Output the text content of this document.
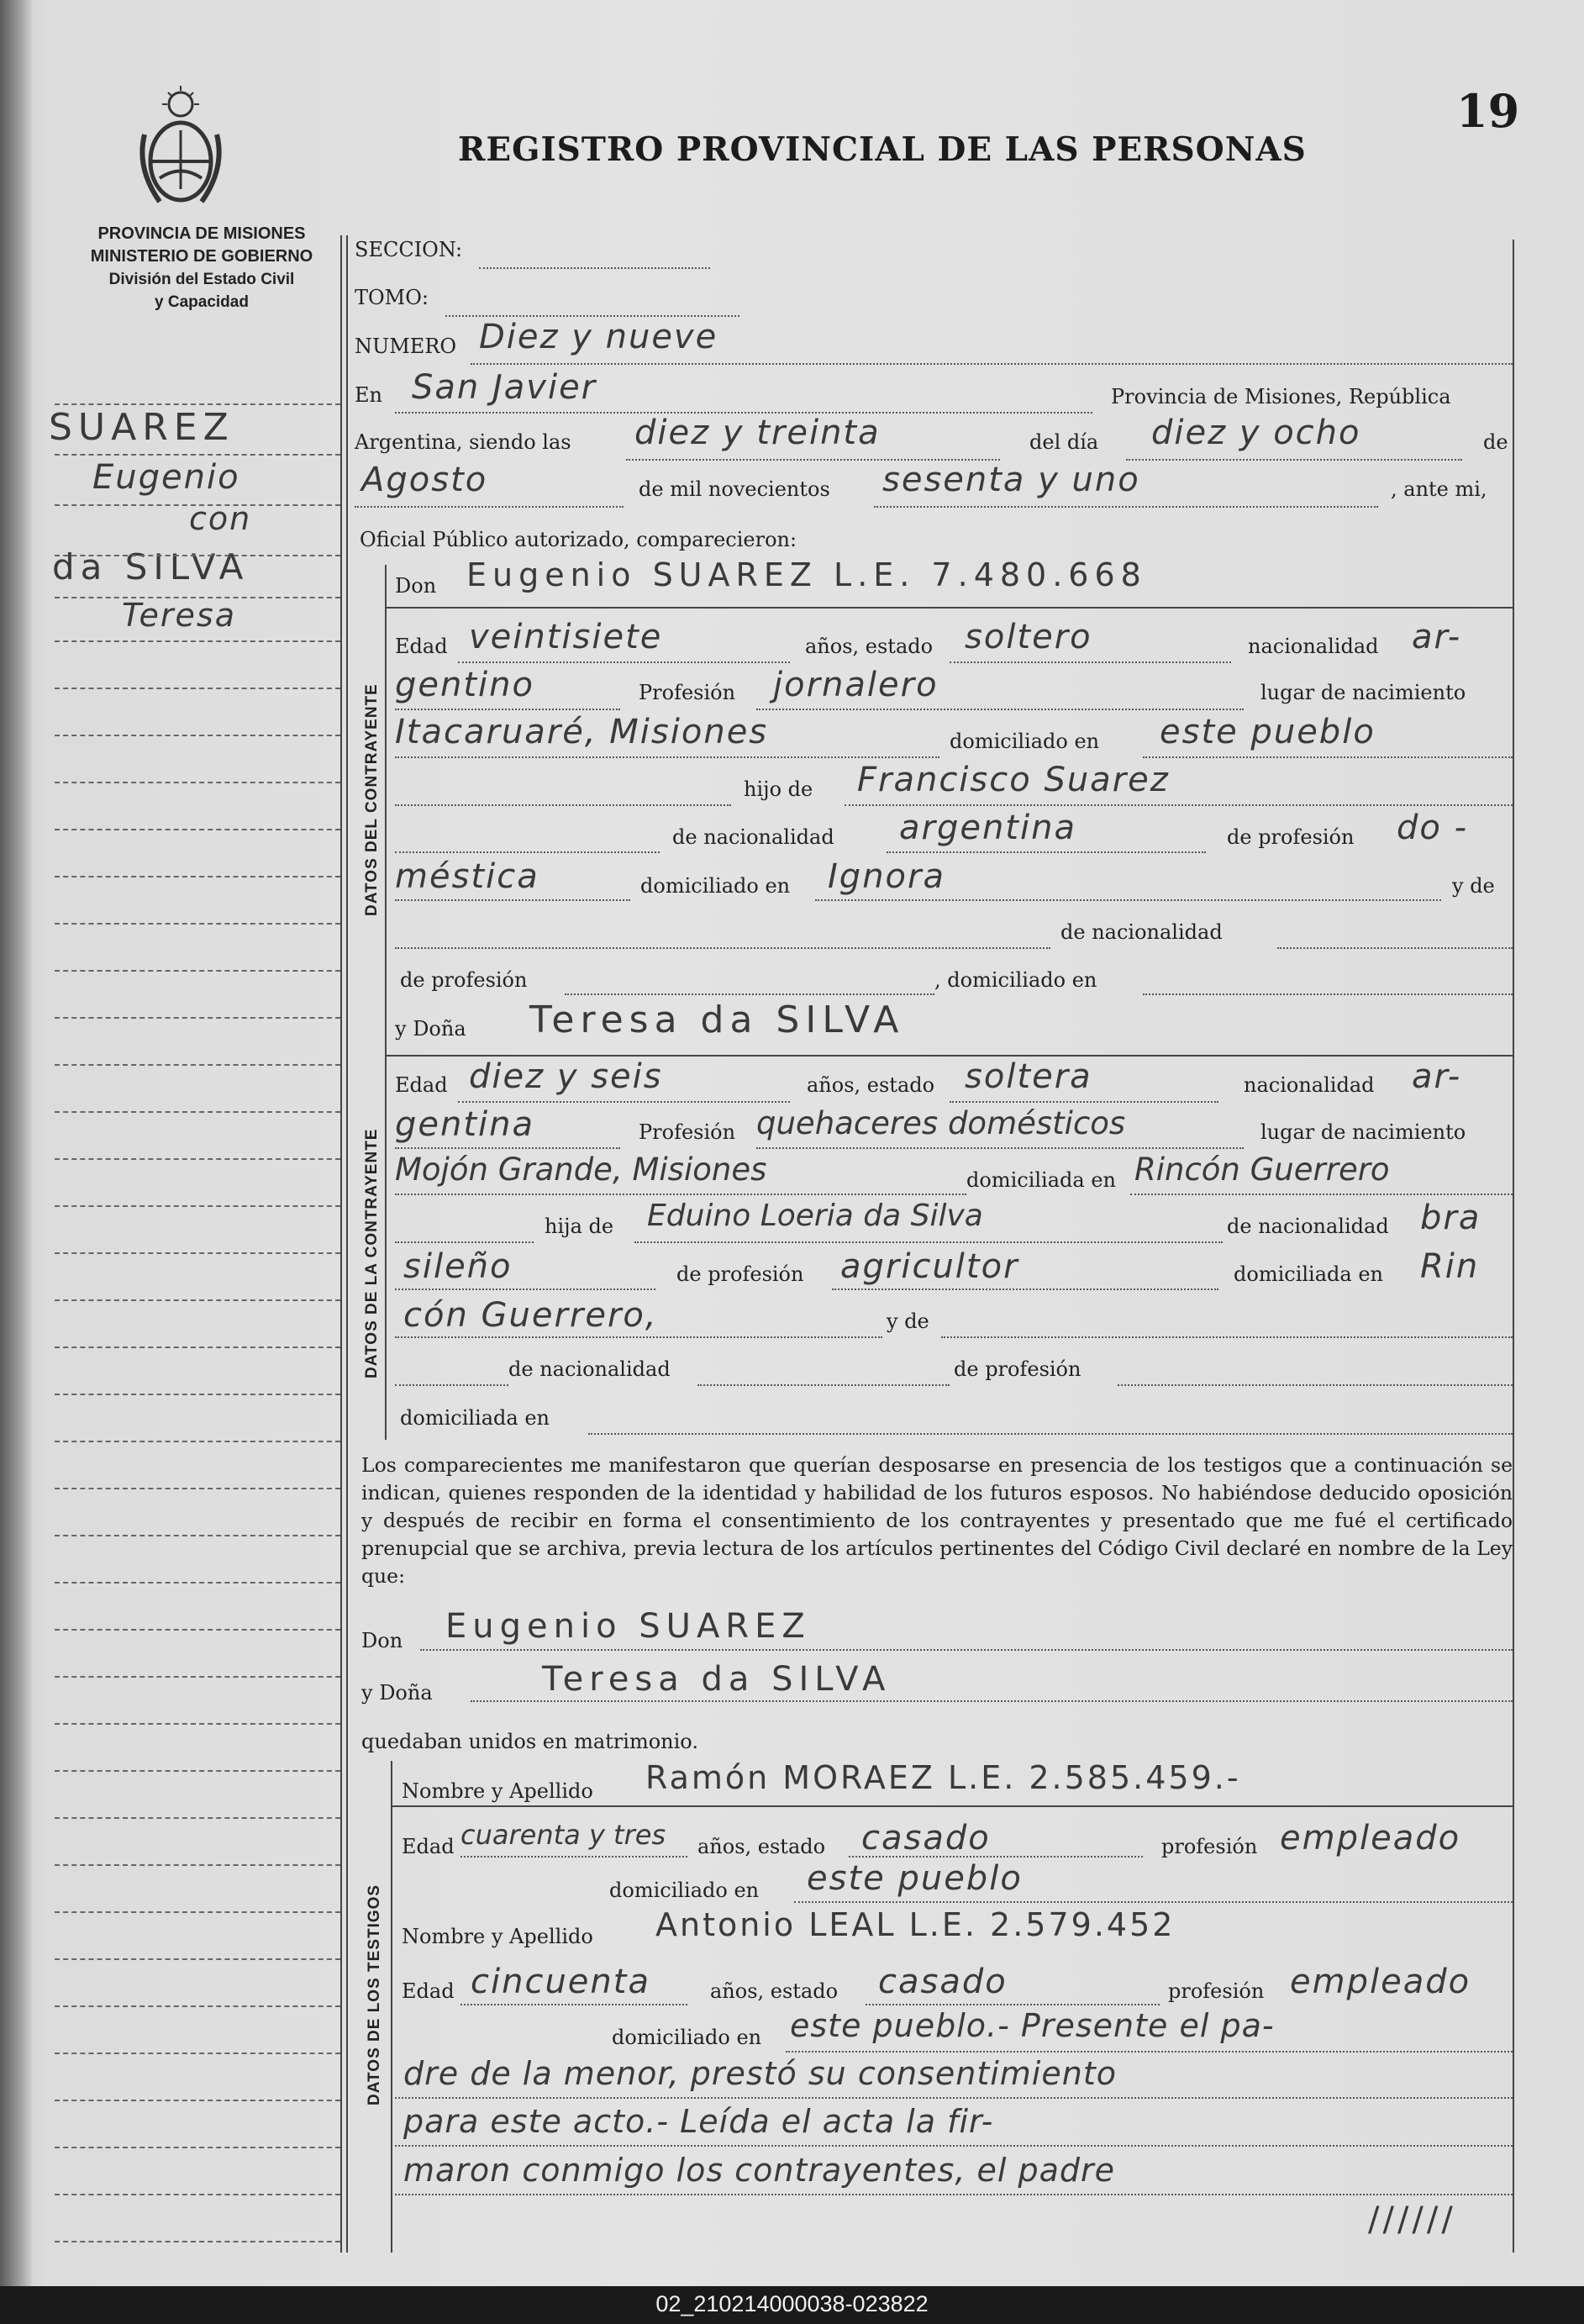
PROVINCIA DE MISIONES
MINISTERIO DE GOBIERNO
División del Estado Civil
y Capacidad
REGISTRO PROVINCIAL DE LAS PERSONAS
19
SUAREZ
Eugenio
con
da SILVA
Teresa
DATOS DEL CONTRAYENTE
DATOS DE LA CONTRAYENTE
DATOS DE LOS TESTIGOS
SECCION:
TOMO:
NUMERO Diez y nueve
En San Javier	Provincia de Misiones, República
Argentina, siendo las diez y treinta	del día diez y ocho	de
Agosto	de mil novecientos sesenta y uno	, ante mi,
Oficial Público autorizado, comparecieron:
Don Eugenio SUAREZ L.E. 7.480.668
Edad veintisiete	años, estado soltero	nacionalidad ar-
gentino	Profesión jornalero	lugar de nacimiento
Itacaruaré, Misiones	domiciliado en este pueblo
hijo de Francisco Suarez
de nacionalidad argentina	de profesión do -
méstica	domiciliado en Ignora	y de
de nacionalidad
de profesión	, domiciliado en
y Doña Teresa da SILVA
Edad diez y seis	años, estado soltera	nacionalidad ar-
gentina	Profesión quehaceres domésticos	lugar de nacimiento
Mojón Grande, Misiones	domiciliada en Rincón Guerrero
hija de Eduino Loeria da Silva	de nacionalidad bra
sileño	de profesión agricultor	domiciliada en Rin
cón Guerrero,	y de
de nacionalidad	de profesión
domiciliada en
Los comparecientes me manifestaron que querían desposarse en presencia de los testigos que a continuación se indican, quienes responden de la identidad y habilidad de los futuros esposos. No habiéndose deducido oposición y después de recibir en forma el consentimiento de los contrayentes y presentado que me fué el certificado prenupcial que se archiva, previa lectura de los artículos pertinentes del Código Civil declaré en nombre de la Ley que:
Don Eugenio SUAREZ
y Doña	Teresa da SILVA
quedaban unidos en matrimonio.
Nombre y Apellido Ramón MORAEZ L.E. 2.585.459.-
Edad cuarenta y tres años, estado casado	profesión empleado
domiciliado en este pueblo
Nombre y Apellido Antonio LEAL L.E. 2.579.452
Edad cincuenta	años, estado casado	profesión empleado
domiciliado en este pueblo.- Presente el pa-
dre de la menor, prestó su consentimiento
para este acto.- Leída el acta la fir-
maron conmigo los contrayentes, el padre
//////
02_210214000038-023822
